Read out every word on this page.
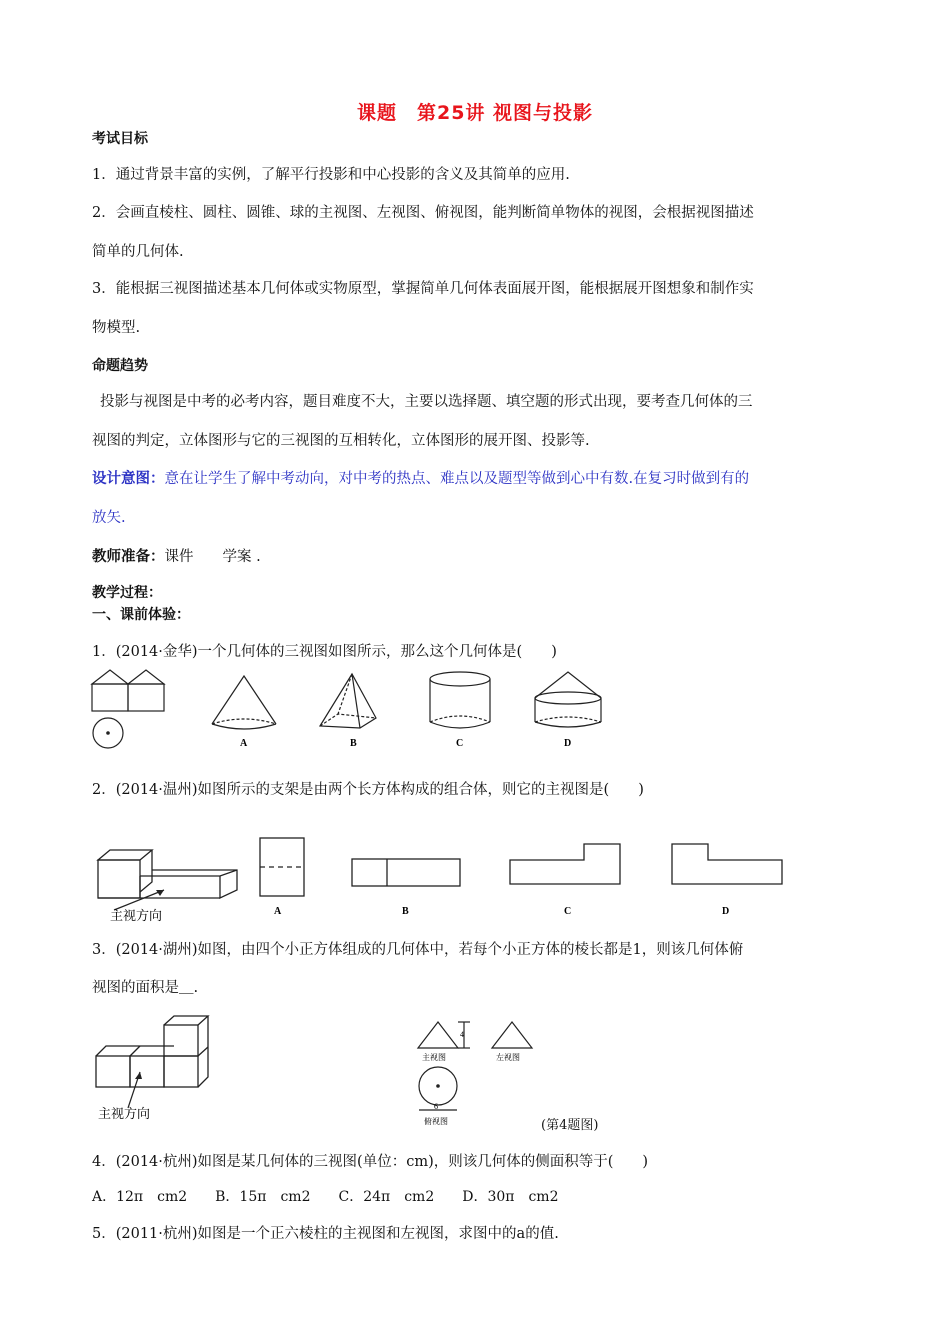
课题　第25讲 视图与投影
考试目标
1．通过背景丰富的实例，了解平行投影和中心投影的含义及其简单的应用.
2．会画直棱柱、圆柱、圆锥、球的主视图、左视图、俯视图，能判断简单物体的视图，会根据视图描述
简单的几何体.
3．能根据三视图描述基本几何体或实物原型，掌握简单几何体表面展开图，能根据展开图想象和制作实
物模型.
命题趋势
投影与视图是中考的必考内容，题目难度不大，主要以选择题、填空题的形式出现，要考查几何体的三
视图的判定，立体图形与它的三视图的互相转化，立体图形的展开图、投影等.
设计意图：意在让学生了解中考动向，对中考的热点、难点以及题型等做到心中有数.在复习时做到有的
放矢.
教师准备：课件　　学案 .
教学过程：
一、课前体验：
1．(2014·金华)一个几何体的三视图如图所示，那么这个几何体是(　　)
A	B	C	D
2．(2014·温州)如图所示的支架是由两个长方体构成的组合体，则它的主视图是(　　)
主视方向	A	B	C	D
3．(2014·湖州)如图，由四个小正方体组成的几何体中，若每个小正方体的棱长都是1，则该几何体俯
视图的面积是＿.
主视方向
4
6
主视图	左视图
俯视图	(第4题图)
4．(2014·杭州)如图是某几何体的三视图(单位：cm)，则该几何体的侧面积等于(　　)
A．12π　cm2　　B．15π　cm2　　C．24π　cm2　　D．30π　cm2
5．(2011·杭州)如图是一个正六棱柱的主视图和左视图，求图中的a的值.
